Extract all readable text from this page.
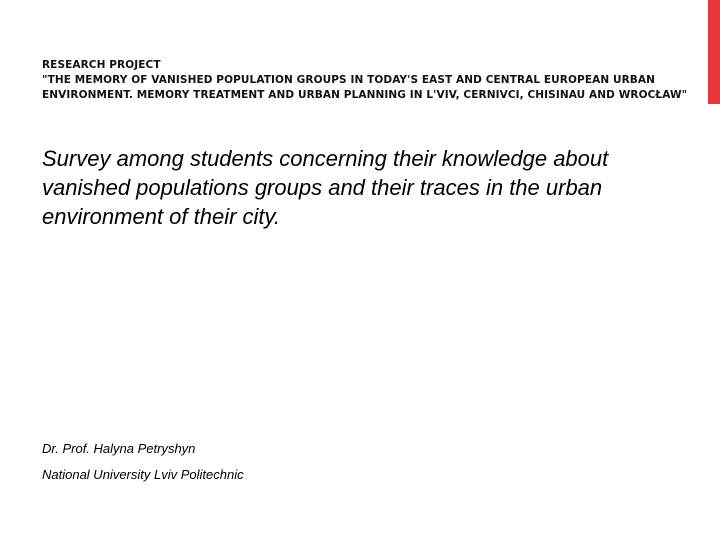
RESEARCH PROJECT
"THE MEMORY OF VANISHED POPULATION GROUPS IN TODAY'S EAST AND CENTRAL EUROPEAN URBAN ENVIRONMENT. MEMORY TREATMENT AND URBAN PLANNING IN L'VIV, CERNIVCI, CHISINAU AND WROCŁAW"
Survey among students concerning their knowledge about vanished populations groups and their traces in the urban environment of their city.
Dr. Prof. Halyna Petryshyn
National University Lviv Politechnic
